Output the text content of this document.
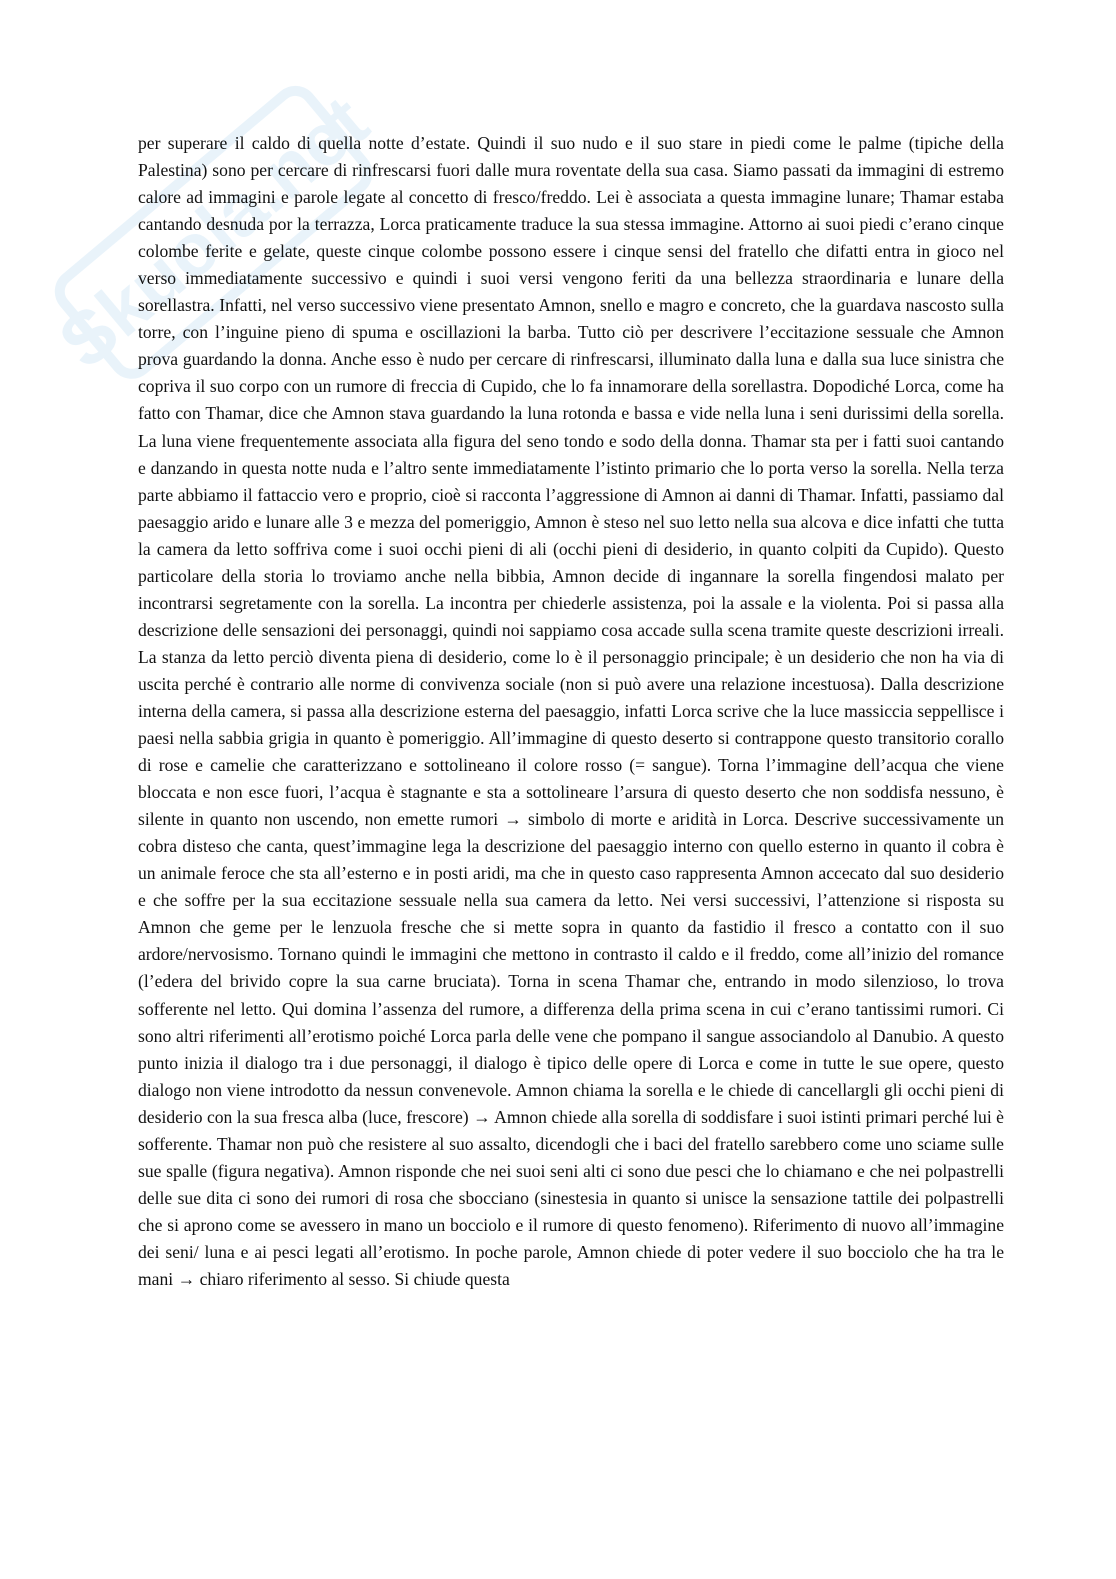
Skuola.net

per superare il caldo di quella notte d’estate. Quindi il suo nudo e il suo stare in piedi come le palme (tipiche della Palestina) sono per cercare di rinfrescarsi fuori dalle mura roventate della sua casa. Siamo passati da immagini di estremo calore ad immagini e parole legate al concetto di fresco/freddo. Lei è associata a questa immagine lunare; Thamar estaba cantando desnuda por la terrazza, Lorca praticamente traduce la sua stessa immagine. Attorno ai suoi piedi c’erano cinque colombe ferite e gelate, queste cinque colombe possono essere i cinque sensi del fratello che difatti entra in gioco nel verso immediatamente successivo e quindi i suoi versi vengono feriti da una bellezza straordinaria e lunare della sorellastra. Infatti, nel verso successivo viene presentato Amnon, snello e magro e concreto, che la guardava nascosto sulla torre, con l’inguine pieno di spuma e oscillazioni la barba. Tutto ciò per descrivere l’eccitazione sessuale che Amnon prova guardando la donna. Anche esso è nudo per cercare di rinfrescarsi, illuminato dalla luna e dalla sua luce sinistra che copriva il suo corpo con un rumore di freccia di Cupido, che lo fa innamorare della sorellastra. Dopodiché Lorca, come ha fatto con Thamar, dice che Amnon stava guardando la luna rotonda e bassa e vide nella luna i seni durissimi della sorella. La luna viene frequentemente associata alla figura del seno tondo e sodo della donna. Thamar sta per i fatti suoi cantando e danzando in questa notte nuda e l’altro sente immediatamente l’istinto primario che lo porta verso la sorella. Nella terza parte abbiamo il fattaccio vero e proprio, cioè si racconta l’aggressione di Amnon ai danni di Thamar. Infatti, passiamo dal paesaggio arido e lunare alle 3 e mezza del pomeriggio, Amnon è steso nel suo letto nella sua alcova e dice infatti che tutta la camera da letto soffriva come i suoi occhi pieni di ali (occhi pieni di desiderio, in quanto colpiti da Cupido). Questo particolare della storia lo troviamo anche nella bibbia, Amnon decide di ingannare la sorella fingendosi malato per incontrarsi segretamente con la sorella. La incontra per chiederle assistenza, poi la assale e la violenta. Poi si passa alla descrizione delle sensazioni dei personaggi, quindi noi sappiamo cosa accade sulla scena tramite queste descrizioni irreali. La stanza da letto perciò diventa piena di desiderio, come lo è il personaggio principale; è un desiderio che non ha via di uscita perché è contrario alle norme di convivenza sociale (non si può avere una relazione incestuosa). Dalla descrizione interna della camera, si passa alla descrizione esterna del paesaggio, infatti Lorca scrive che la luce massiccia seppellisce i paesi nella sabbia grigia in quanto è pomeriggio. All’immagine di questo deserto si contrappone questo transitorio corallo di rose e camelie che caratterizzano e sottolineano il colore rosso (= sangue). Torna l’immagine dell’acqua che viene bloccata e non esce fuori, l’acqua è stagnante e sta a sottolineare l’arsura di questo deserto che non soddisfa nessuno, è silente in quanto non uscendo, non emette rumori → simbolo di morte e aridità in Lorca. Descrive successivamente un cobra disteso che canta, quest’immagine lega la descrizione del paesaggio interno con quello esterno in quanto il cobra è un animale feroce che sta all’esterno e in posti aridi, ma che in questo caso rappresenta Amnon accecato dal suo desiderio e che soffre per la sua eccitazione sessuale nella sua camera da letto. Nei versi successivi, l’attenzione si risposta su Amnon che geme per le lenzuola fresche che si mette sopra in quanto da fastidio il fresco a contatto con il suo ardore/nervosismo. Tornano quindi le immagini che mettono in contrasto il caldo e il freddo, come all’inizio del romance (l’edera del brivido copre la sua carne bruciata). Torna in scena Thamar che, entrando in modo silenzioso, lo trova sofferente nel letto. Qui domina l’assenza del rumore, a differenza della prima scena in cui c’erano tantissimi rumori. Ci sono altri riferimenti all’erotismo poiché Lorca parla delle vene che pompano il sangue associandolo al Danubio. A questo punto inizia il dialogo tra i due personaggi, il dialogo è tipico delle opere di Lorca e come in tutte le sue opere, questo dialogo non viene introdotto da nessun convenevole. Amnon chiama la sorella e le chiede di cancellargli gli occhi pieni di desiderio con la sua fresca alba (luce, frescore) → Amnon chiede alla sorella di soddisfare i suoi istinti primari perché lui è sofferente. Thamar non può che resistere al suo assalto, dicendogli che i baci del fratello sarebbero come uno sciame sulle sue spalle (figura negativa). Amnon risponde che nei suoi seni alti ci sono due pesci che lo chiamano e che nei polpastrelli delle sue dita ci sono dei rumori di rosa che sbocciano (sinestesia in quanto si unisce la sensazione tattile dei polpastrelli che si aprono come se avessero in mano un bocciolo e il rumore di questo fenomeno). Riferimento di nuovo all’immagine dei seni/ luna e ai pesci legati all’erotismo. In poche parole, Amnon chiede di poter vedere il suo bocciolo che ha tra le mani → chiaro riferimento al sesso. Si chiude questa
